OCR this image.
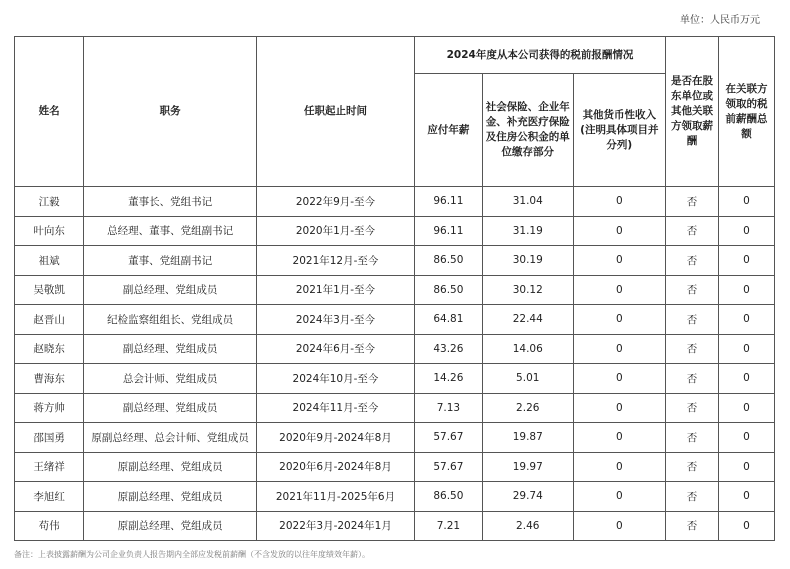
单位：人民币万元
姓名	职务	任职起止时间	2024年度从本公司获得的税前报酬情况			是否在股东单位或其他关联方领取薪酬	在关联方领取的税前薪酬总额
			应付年薪	社会保险、企业年金、补充医疗保险及住房公积金的单位缴存部分	其他货币性收入(注明具体项目并分列)		
江毅	董事长、党组书记	2022年9月-至今	96.11	31.04	0	否	0
叶向东	总经理、董事、党组副书记	2020年1月-至今	96.11	31.19	0	否	0
祖斌	董事、党组副书记	2021年12月-至今	86.50	30.19	0	否	0
吴敬凯	副总经理、党组成员	2021年1月-至今	86.50	30.12	0	否	0
赵晋山	纪检监察组组长、党组成员	2024年3月-至今	64.81	22.44	0	否	0
赵晓东	副总经理、党组成员	2024年6月-至今	43.26	14.06	0	否	0
曹海东	总会计师、党组成员	2024年10月-至今	14.26	5.01	0	否	0
蒋方帅	副总经理、党组成员	2024年11月-至今	7.13	2.26	0	否	0
邵国勇	原副总经理、总会计师、党组成员	2020年9月-2024年8月	57.67	19.87	0	否	0
王绪祥	原副总经理、党组成员	2020年6月-2024年8月	57.67	19.97	0	否	0
李旭红	原副总经理、党组成员	2021年11月-2025年6月	86.50	29.74	0	否	0
苟伟	原副总经理、党组成员	2022年3月-2024年1月	7.21	2.46	0	否	0
备注：上表披露薪酬为公司企业负责人报告期内全部应发税前薪酬（不含发放的以往年度绩效年薪）。
